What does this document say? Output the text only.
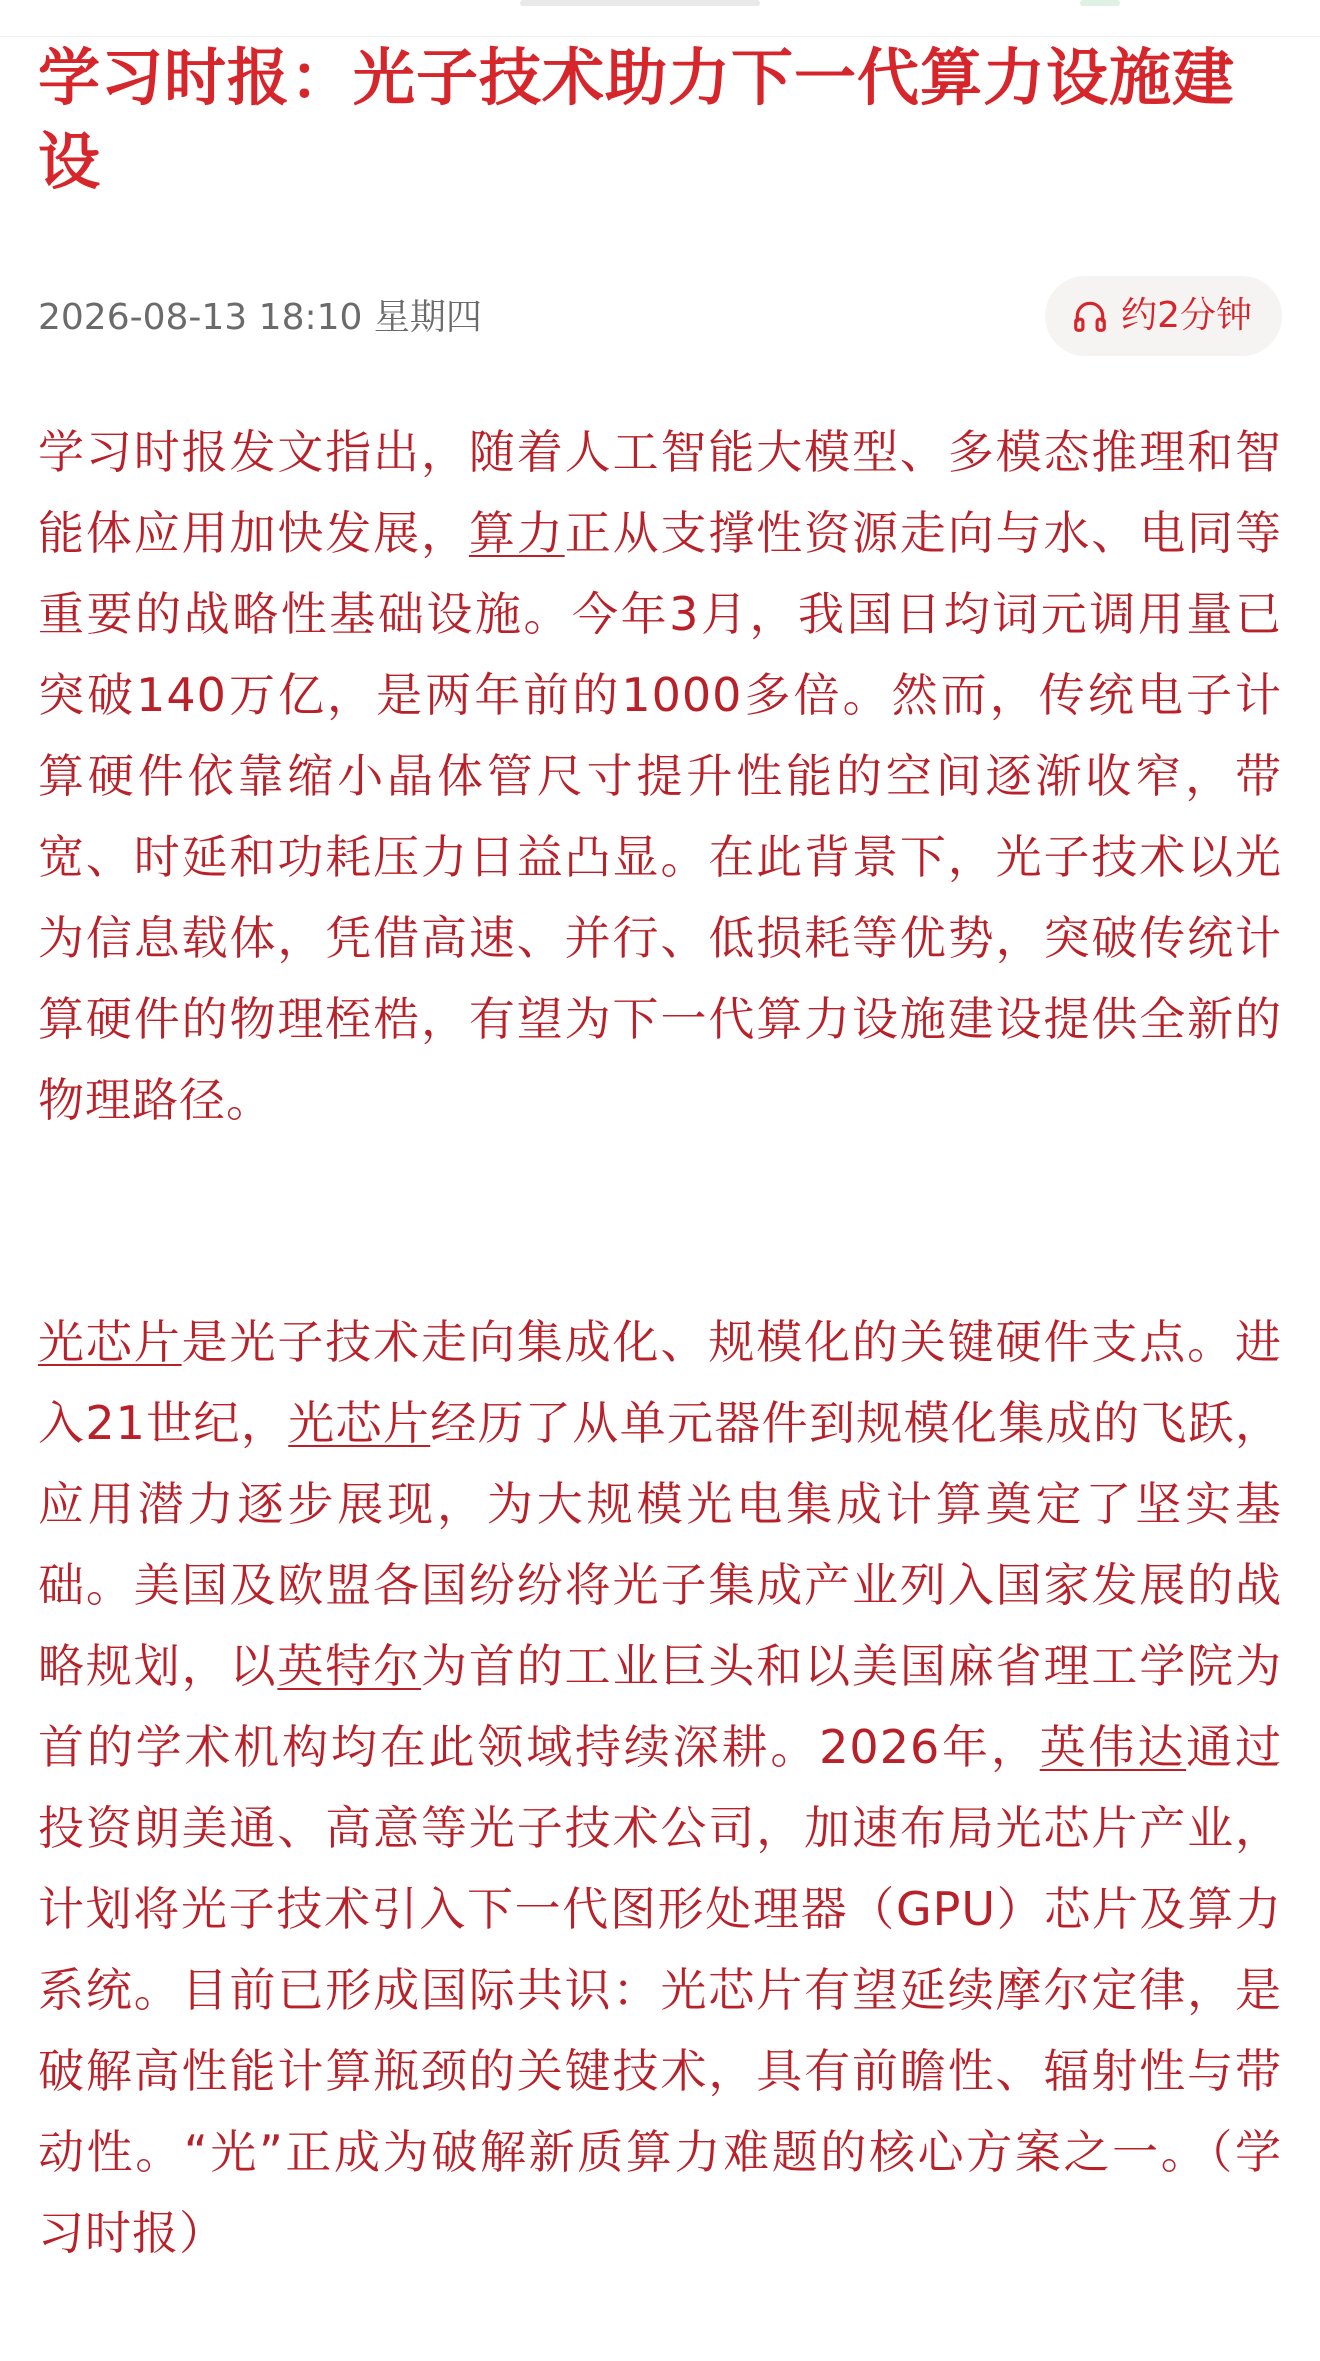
学习时报：光子技术助力下一代算力设施建设
2026-08-13 18:10 星期四	约2分钟

学习时报发文指出，随着人工智能大模型、多模态推理和智能体应用加快发展，算力正从支撑性资源走向与水、电同等重要的战略性基础设施。今年3月，我国日均词元调用量已突破140万亿，是两年前的1000多倍。然而，传统电子计算硬件依靠缩小晶体管尺寸提升性能的空间逐渐收窄，带宽、时延和功耗压力日益凸显。在此背景下，光子技术以光为信息载体，凭借高速、并行、低损耗等优势，突破传统计算硬件的物理桎梏，有望为下一代算力设施建设提供全新的物理路径。

光芯片是光子技术走向集成化、规模化的关键硬件支点。进入21世纪，光芯片经历了从单元器件到规模化集成的飞跃，应用潜力逐步展现，为大规模光电集成计算奠定了坚实基础。美国及欧盟各国纷纷将光子集成产业列入国家发展的战略规划，以英特尔为首的工业巨头和以美国麻省理工学院为首的学术机构均在此领域持续深耕。2026年，英伟达通过投资朗美通、高意等光子技术公司，加速布局光芯片产业，计划将光子技术引入下一代图形处理器（GPU）芯片及算力系统。目前已形成国际共识：光芯片有望延续摩尔定律，是破解高性能计算瓶颈的关键技术，具有前瞻性、辐射性与带动性。“光”正成为破解新质算力难题的核心方案之一。（学习时报）
